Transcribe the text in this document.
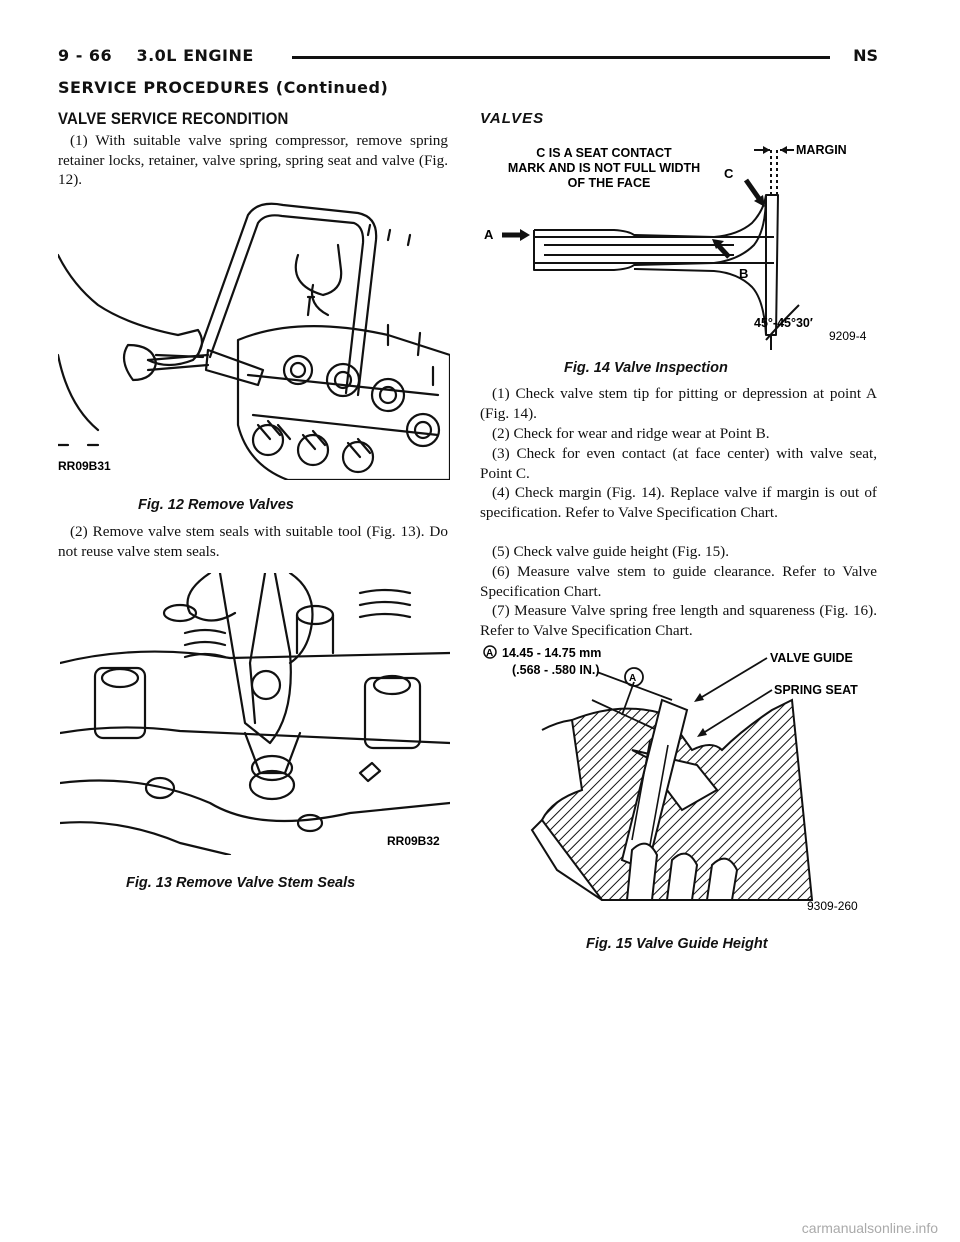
9 - 66    3.0L ENGINE	NS
SERVICE PROCEDURES (Continued)
VALVE SERVICE RECONDITION
(1) With suitable valve spring compressor, remove spring retainer locks, retainer, valve spring, spring seat and valve (Fig. 12).
RR09B31
Fig. 12 Remove Valves
(2) Remove valve stem seals with suitable tool (Fig. 13). Do not reuse valve stem seals.
RR09B32
Fig. 13 Remove Valve Stem Seals
VALVES
C IS A SEAT CONTACT
MARK AND IS NOT FULL WIDTH
OF THE FACE
MARGIN
A
B
C
45°-45°30′
9209-4
Fig. 14 Valve Inspection
(1) Check valve stem tip for pitting or depression at point A (Fig. 14).
(2) Check for wear and ridge wear at Point B.
(3) Check for even contact (at face center) with valve seat, Point C.
(4) Check margin (Fig. 14). Replace valve if margin is out of specification. Refer to Valve Specification Chart.
(5) Check valve guide height (Fig. 15).
(6) Measure valve stem to guide clearance. Refer to Valve Specification Chart.
(7) Measure Valve spring free length and squareness (Fig. 16). Refer to Valve Specification Chart.
A 14.45 - 14.75 mm
(.568 - .580 IN.)
A
VALVE GUIDE
SPRING SEAT
9309-260
Fig. 15 Valve Guide Height
carmanualsonline.info
